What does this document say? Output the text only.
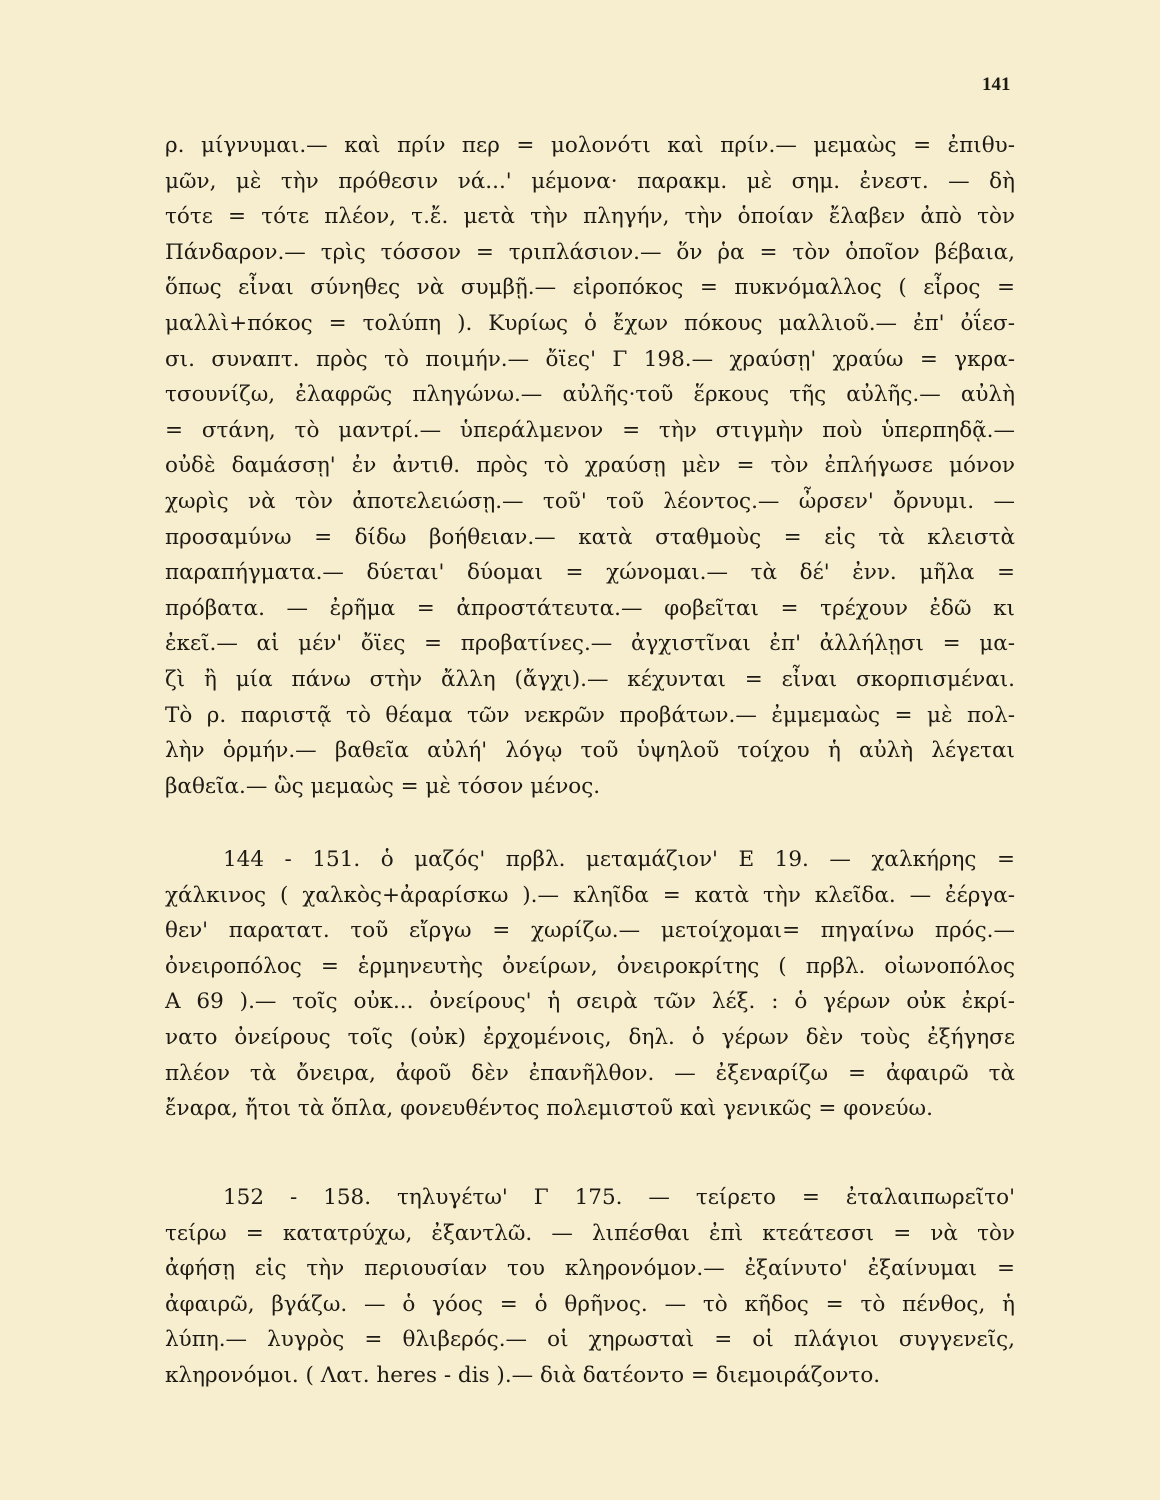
141
ρ. μίγνυμαι.— καὶ πρίν περ = μολονότι καὶ πρίν.— μεμαὼς = ἐπιθυ-
μῶν, μὲ τὴν πρόθεσιν νά...' μέμονα· παρακμ. μὲ σημ. ἐνεστ. — δὴ
τότε = τότε πλέον, τ.ἔ. μετὰ τὴν πληγήν, τὴν ὁποίαν ἔλαβεν ἀπὸ τὸν
Πάνδαρον.— τρὶς τόσσον = τριπλάσιον.— ὅν ῥα = τὸν ὁποῖον βέβαια,
ὅπως εἶναι σύνηθες νὰ συμβῇ.— εἰροπόκος = πυκνόμαλλος ( εἶρος =
μαλλὶ+πόκος = τολύπη ). Κυρίως ὁ ἔχων πόκους μαλλιοῦ.— ἐπ' ὀΐεσ-
σι. συναπτ. πρὸς τὸ ποιμήν.— ὄϊες' Γ 198.— χραύσῃ' χραύω = γκρα-
τσουνίζω, ἐλαφρῶς πληγώνω.— αὐλῆς·τοῦ ἕρκους τῆς αὐλῆς.— αὐλὴ
= στάνη, τὸ μαντρί.— ὑπεράλμενον = τὴν στιγμὴν ποὺ ὑπερπηδᾷ.—
οὐδὲ δαμάσσῃ' ἐν ἀντιθ. πρὸς τὸ χραύσῃ μὲν = τὸν ἐπλήγωσε μόνον
χωρὶς νὰ τὸν ἀποτελειώσῃ.— τοῦ' τοῦ λέοντος.— ὦρσεν' ὄρνυμι. —
προσαμύνω = δίδω βοήθειαν.— κατὰ σταθμοὺς = εἰς τὰ κλειστὰ
παραπήγματα.— δύεται' δύομαι = χώνομαι.— τὰ δέ' ἐνν. μῆλα =
πρόβατα. — ἐρῆμα = ἀπροστάτευτα.— φοβεῖται = τρέχουν ἐδῶ κι
ἐκεῖ.— αἱ μέν' ὄϊες = προβατίνες.— ἀγχιστῖναι ἐπ' ἀλλήλῃσι = μα-
ζὶ ἢ μία πάνω στὴν ἄλλη (ἄγχι).— κέχυνται = εἶναι σκορπισμέναι.
Τὸ ρ. παριστᾷ τὸ θέαμα τῶν νεκρῶν προβάτων.— ἐμμεμαὼς = μὲ πολ-
λὴν ὁρμήν.— βαθεῖα αὐλή' λόγῳ τοῦ ὑψηλοῦ τοίχου ἡ αὐλὴ λέγεται
βαθεῖα.— ὣς μεμαὼς = μὲ τόσον μένος.
144 - 151. ὁ μαζός' πρβλ. μεταμάζιον' Ε 19. — χαλκήρης =
χάλκινος ( χαλκὸς+ἀραρίσκω ).— κληῖδα = κατὰ τὴν κλεῖδα. — ἐέργα-
θεν' παρατατ. τοῦ εἴργω = χωρίζω.— μετοίχομαι= πηγαίνω πρός.—
ὀνειροπόλος = ἑρμηνευτὴς ὀνείρων, ὀνειροκρίτης ( πρβλ. οἰωνοπόλος
Α 69 ).— τοῖς οὐκ... ὀνείρους' ἡ σειρὰ τῶν λέξ. : ὁ γέρων οὐκ ἐκρί-
νατο ὀνείρους τοῖς (οὐκ) ἐρχομένοις, δηλ. ὁ γέρων δὲν τοὺς ἐξήγησε
πλέον τὰ ὄνειρα, ἀφοῦ δὲν ἐπανῆλθον. — ἐξεναρίζω = ἀφαιρῶ τὰ
ἔναρα, ἤτοι τὰ ὅπλα, φονευθέντος πολεμιστοῦ καὶ γενικῶς = φονεύω.
152 - 158. τηλυγέτω' Γ 175. — τείρετο = ἐταλαιπωρεῖτο'
τείρω = κατατρύχω, ἐξαντλῶ. — λιπέσθαι ἐπὶ κτεάτεσσι = νὰ τὸν
ἀφήσῃ εἰς τὴν περιουσίαν του κληρονόμον.— ἐξαίνυτο' ἐξαίνυμαι =
ἀφαιρῶ, βγάζω. — ὁ γόος = ὁ θρῆνος. — τὸ κῆδος = τὸ πένθος, ἡ
λύπη.— λυγρὸς = θλιβερός.— οἱ χηρωσταὶ = οἱ πλάγιοι συγγενεῖς,
κληρονόμοι. ( Λατ. heres - dis ).— διὰ δατέοντο = διεμοιράζοντο.
